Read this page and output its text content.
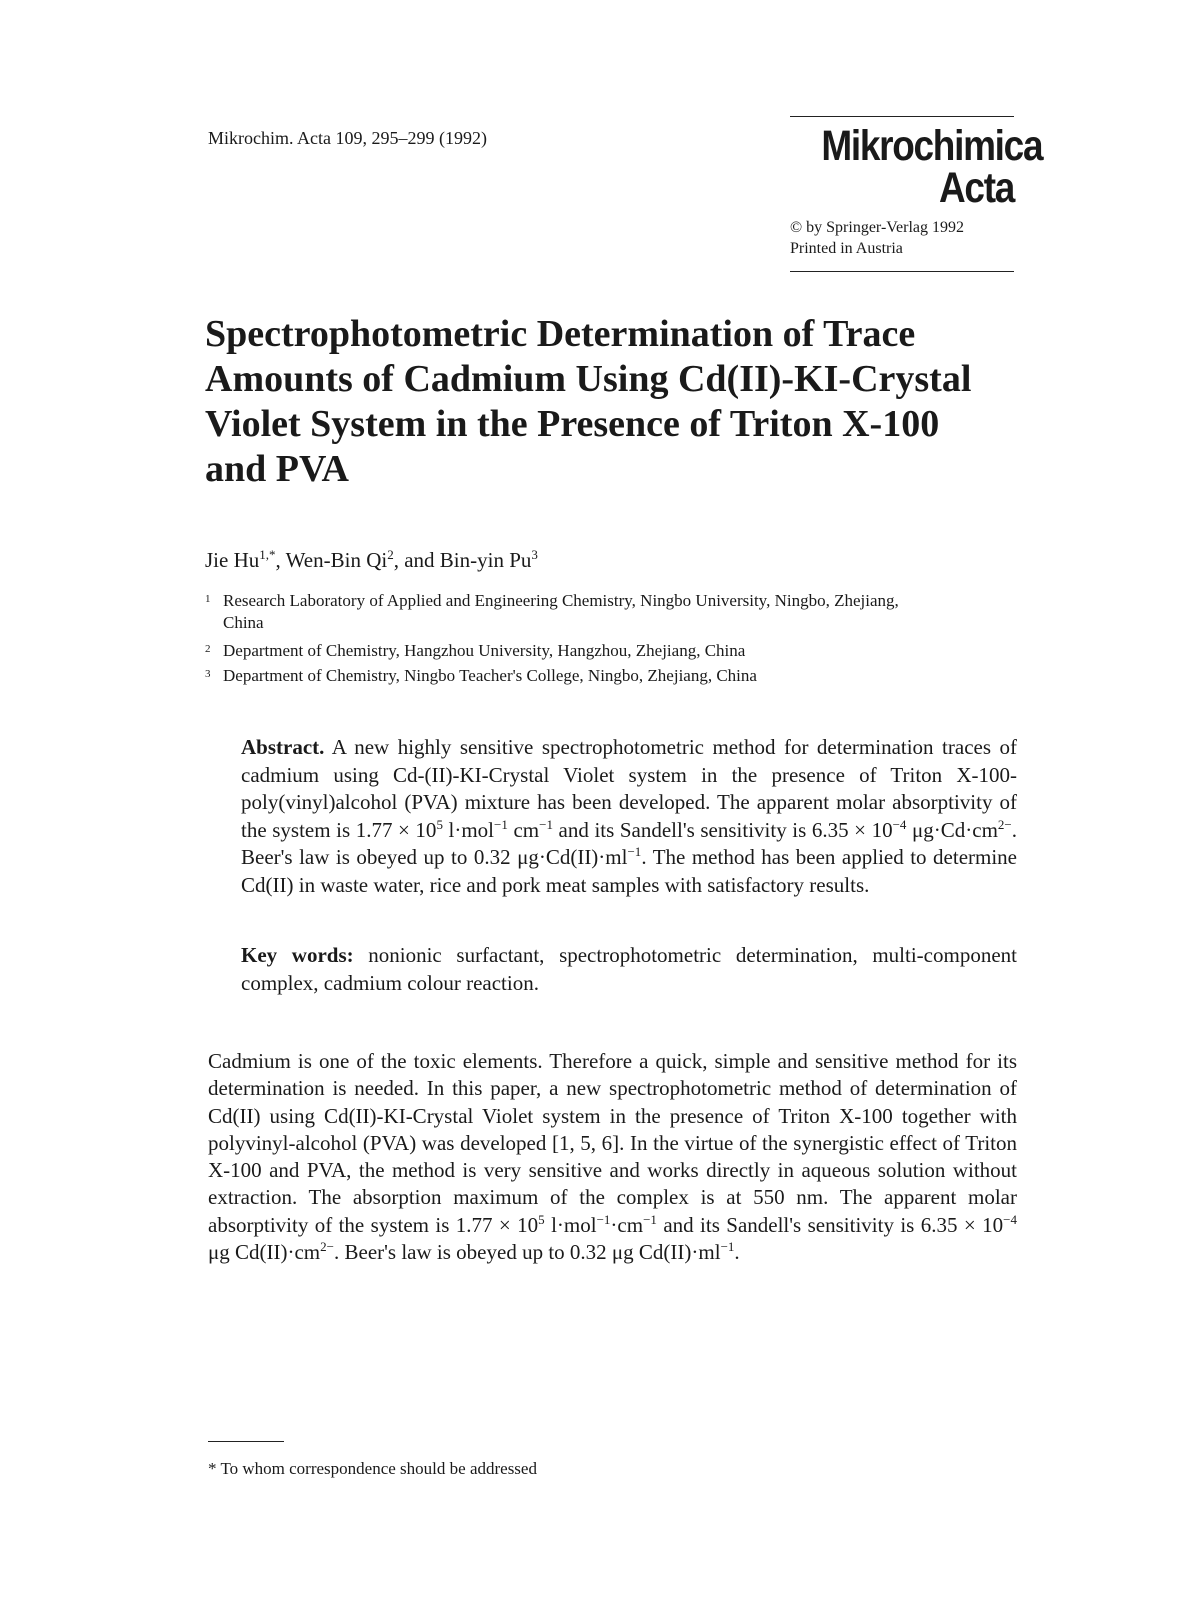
Mikrochim. Acta 109, 295–299 (1992)	Mikrochimica
Acta
© by Springer-Verlag 1992
Printed in Austria
Spectrophotometric Determination of Trace
Amounts of Cadmium Using Cd(II)-KI-Crystal
Violet System in the Presence of Triton X-100
and PVA
Jie $Hu^{1,*}$, Wen-Bin Qi$^2$, and Bin-yin Pu$^3$
1 Research Laboratory of Applied and Engineering Chemistry, Ningbo University, Ningbo, Zhejiang,
China
2 Department of Chemistry, Hangzhou University, Hangzhou, Zhejiang, China
3 Department of Chemistry, Ningbo Teacher's College, Ningbo, Zhejiang, China
Abstract. A new highly sensitive spectrophotometric method for determination traces of cadmium using Cd-(II)-KI-Crystal Violet system in the presence of Triton X-100-poly(vinyl)alcohol (PVA) mixture has been developed. The apparent molar absorptivity of the system is $1.77 \times 10^5$ l·mol$^{-1}$ $cm^{-1}$ and its Sandell's sensitivity is $6.35 \times 10^{-4}$ $\mu g\cdot Cd\cdot cm^{2-}$. Beer's law is obeyed up to 0.32 $\mu g\cdot Cd(II)\cdot ml^{-1}$. The method has been applied to determine Cd(II) in waste water, rice and pork meat samples with satisfactory results.
Key words: nonionic surfactant, spectrophotometric determination, multi-component complex, cadmium colour reaction.
Cadmium is one of the toxic elements. Therefore a quick, simple and sensitive method for its determination is needed. In this paper, a new spectrophotometric method of determination of Cd(II) using Cd(II)-KI-Crystal Violet system in the presence of Triton X-100 together with polyvinyl-alcohol (PVA) was developed [1, 5, 6]. In the virtue of the synergistic effect of Triton X-100 and PVA, the method is very sensitive and works directly in aqueous solution without extraction. The absorption maximum of the complex is at 550 nm. The apparent molar absorptivity of the system is $1.77 \times 10^5$ $l\cdot mol^{-1}\cdot cm^{-1}$ and its Sandell's sensitivity is $6.35 \times 10^{-4}$ μg $Cd(II)\cdot cm^{2-}$. Beer's law is obeyed up to 0.32 μg $Cd(II)\cdot ml^{-1}$.
* To whom correspondence should be addressed
